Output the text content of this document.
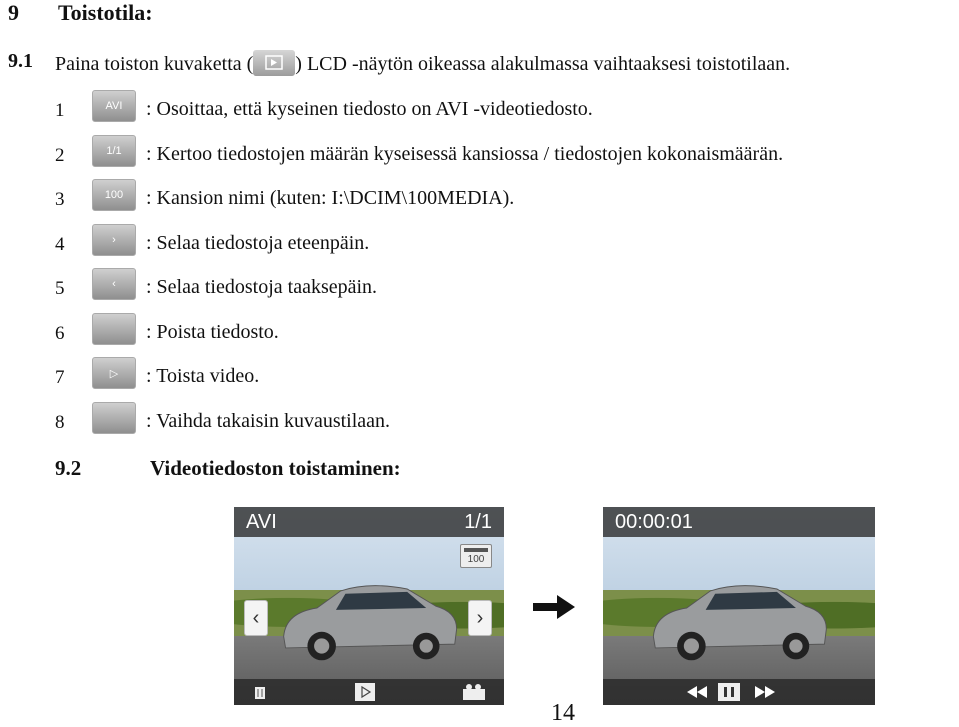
9 Toistotila:
9.1 Paina toiston kuvaketta ( ) LCD -näytön oikeassa alakulmassa vaihtaaksesi toistotilaan.
1	AVI : Osoittaa, että kyseinen tiedosto on AVI -videotiedosto.
2	1/1 : Kertoo tiedostojen määrän kyseisessä kansiossa / tiedostojen kokonaismäärän.
3	100 : Kansion nimi (kuten: I:\DCIM\100MEDIA).
4	› : Selaa tiedostoja eteenpäin.
5	‹ : Selaa tiedostoja taaksepäin.
6	: Poista tiedosto.
7	▷ : Toista video.
8	: Vaihda takaisin kuvaustilaan.
9.2	Videotiedoston toistaminen:
AVI	1/1
100
‹	›
00:00:01
14
